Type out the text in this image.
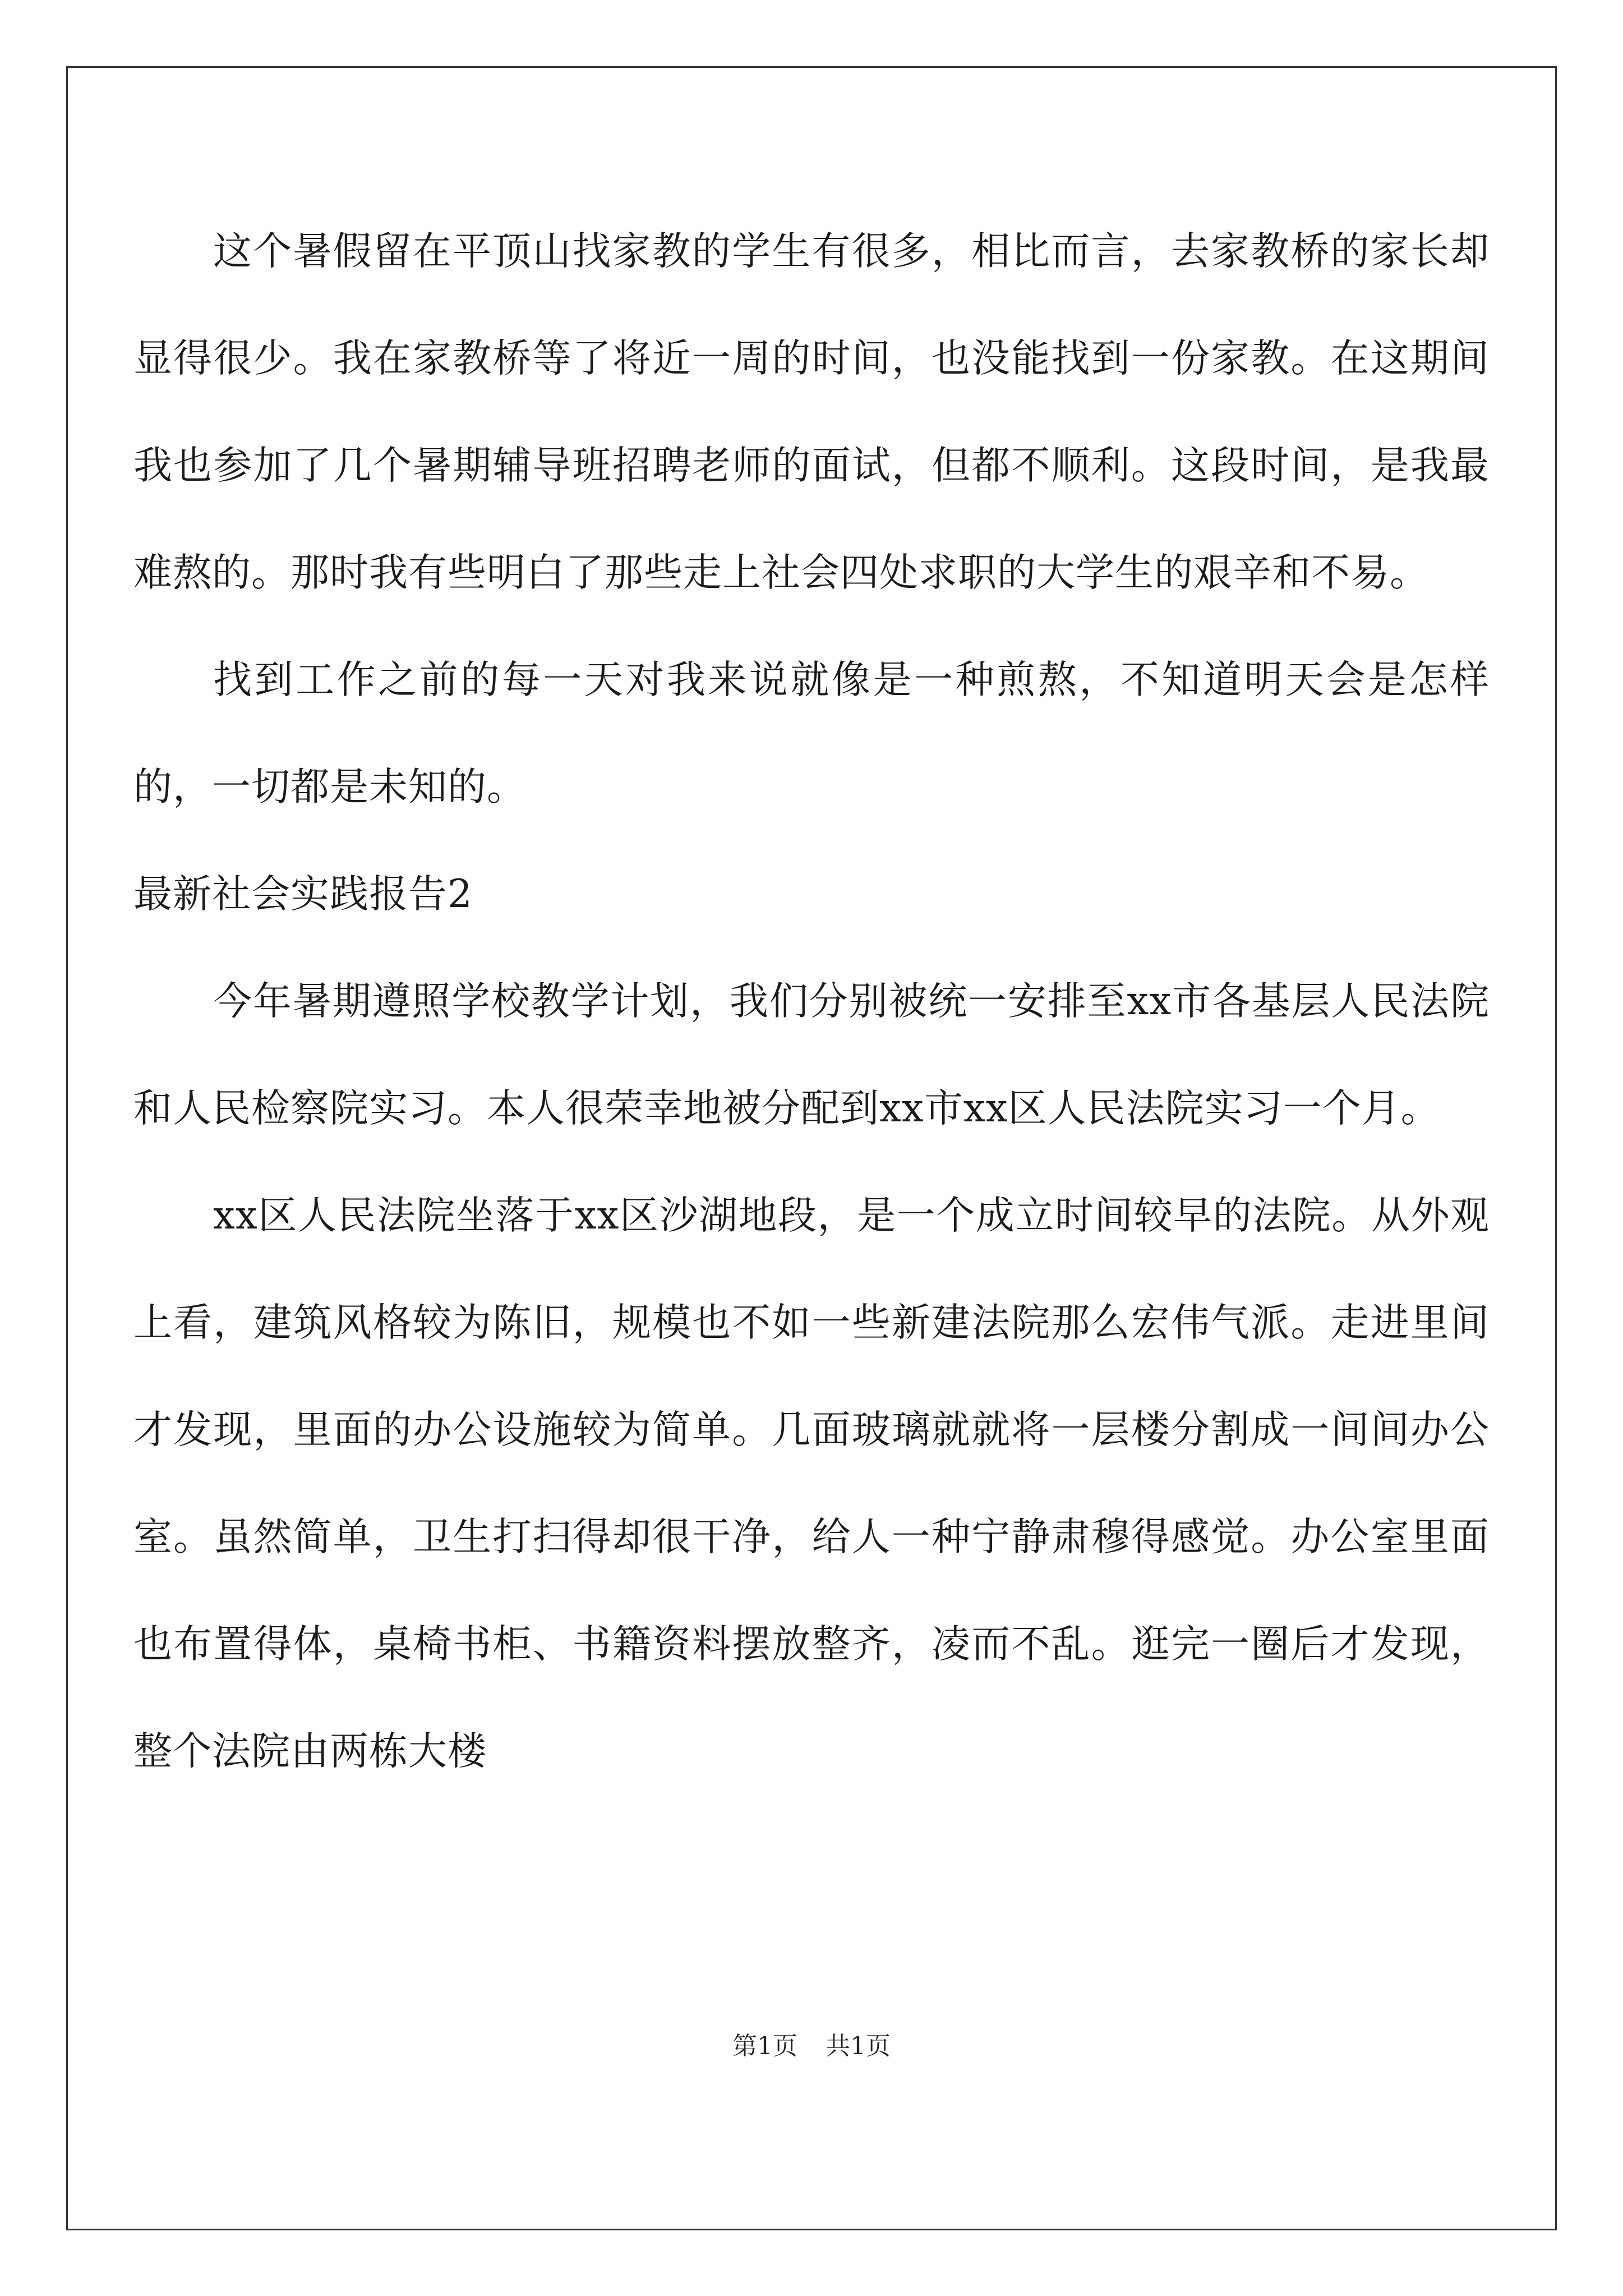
这个暑假留在平顶山找家教的学生有很多，相比而言，去家教桥的家长却显得很少。我在家教桥等了将近一周的时间，也没能找到一份家教。在这期间我也参加了几个暑期辅导班招聘老师的面试，但都不顺利。这段时间，是我最难熬的。那时我有些明白了那些走上社会四处求职的大学生的艰辛和不易。

找到工作之前的每一天对我来说就像是一种煎熬，不知道明天会是怎样的，一切都是未知的。

最新社会实践报告2

今年暑期遵照学校教学计划，我们分别被统一安排至xx市各基层人民法院和人民检察院实习。本人很荣幸地被分配到xx市xx区人民法院实习一个月。

xx区人民法院坐落于xx区沙湖地段，是一个成立时间较早的法院。从外观上看，建筑风格较为陈旧，规模也不如一些新建法院那么宏伟气派。走进里间才发现，里面的办公设施较为简单。几面玻璃就就将一层楼分割成一间间办公室。虽然简单，卫生打扫得却很干净，给人一种宁静肃穆得感觉。办公室里面也布置得体，桌椅书柜、书籍资料摆放整齐，凌而不乱。逛完一圈后才发现，整个法院由两栋大楼

第1页 共1页
